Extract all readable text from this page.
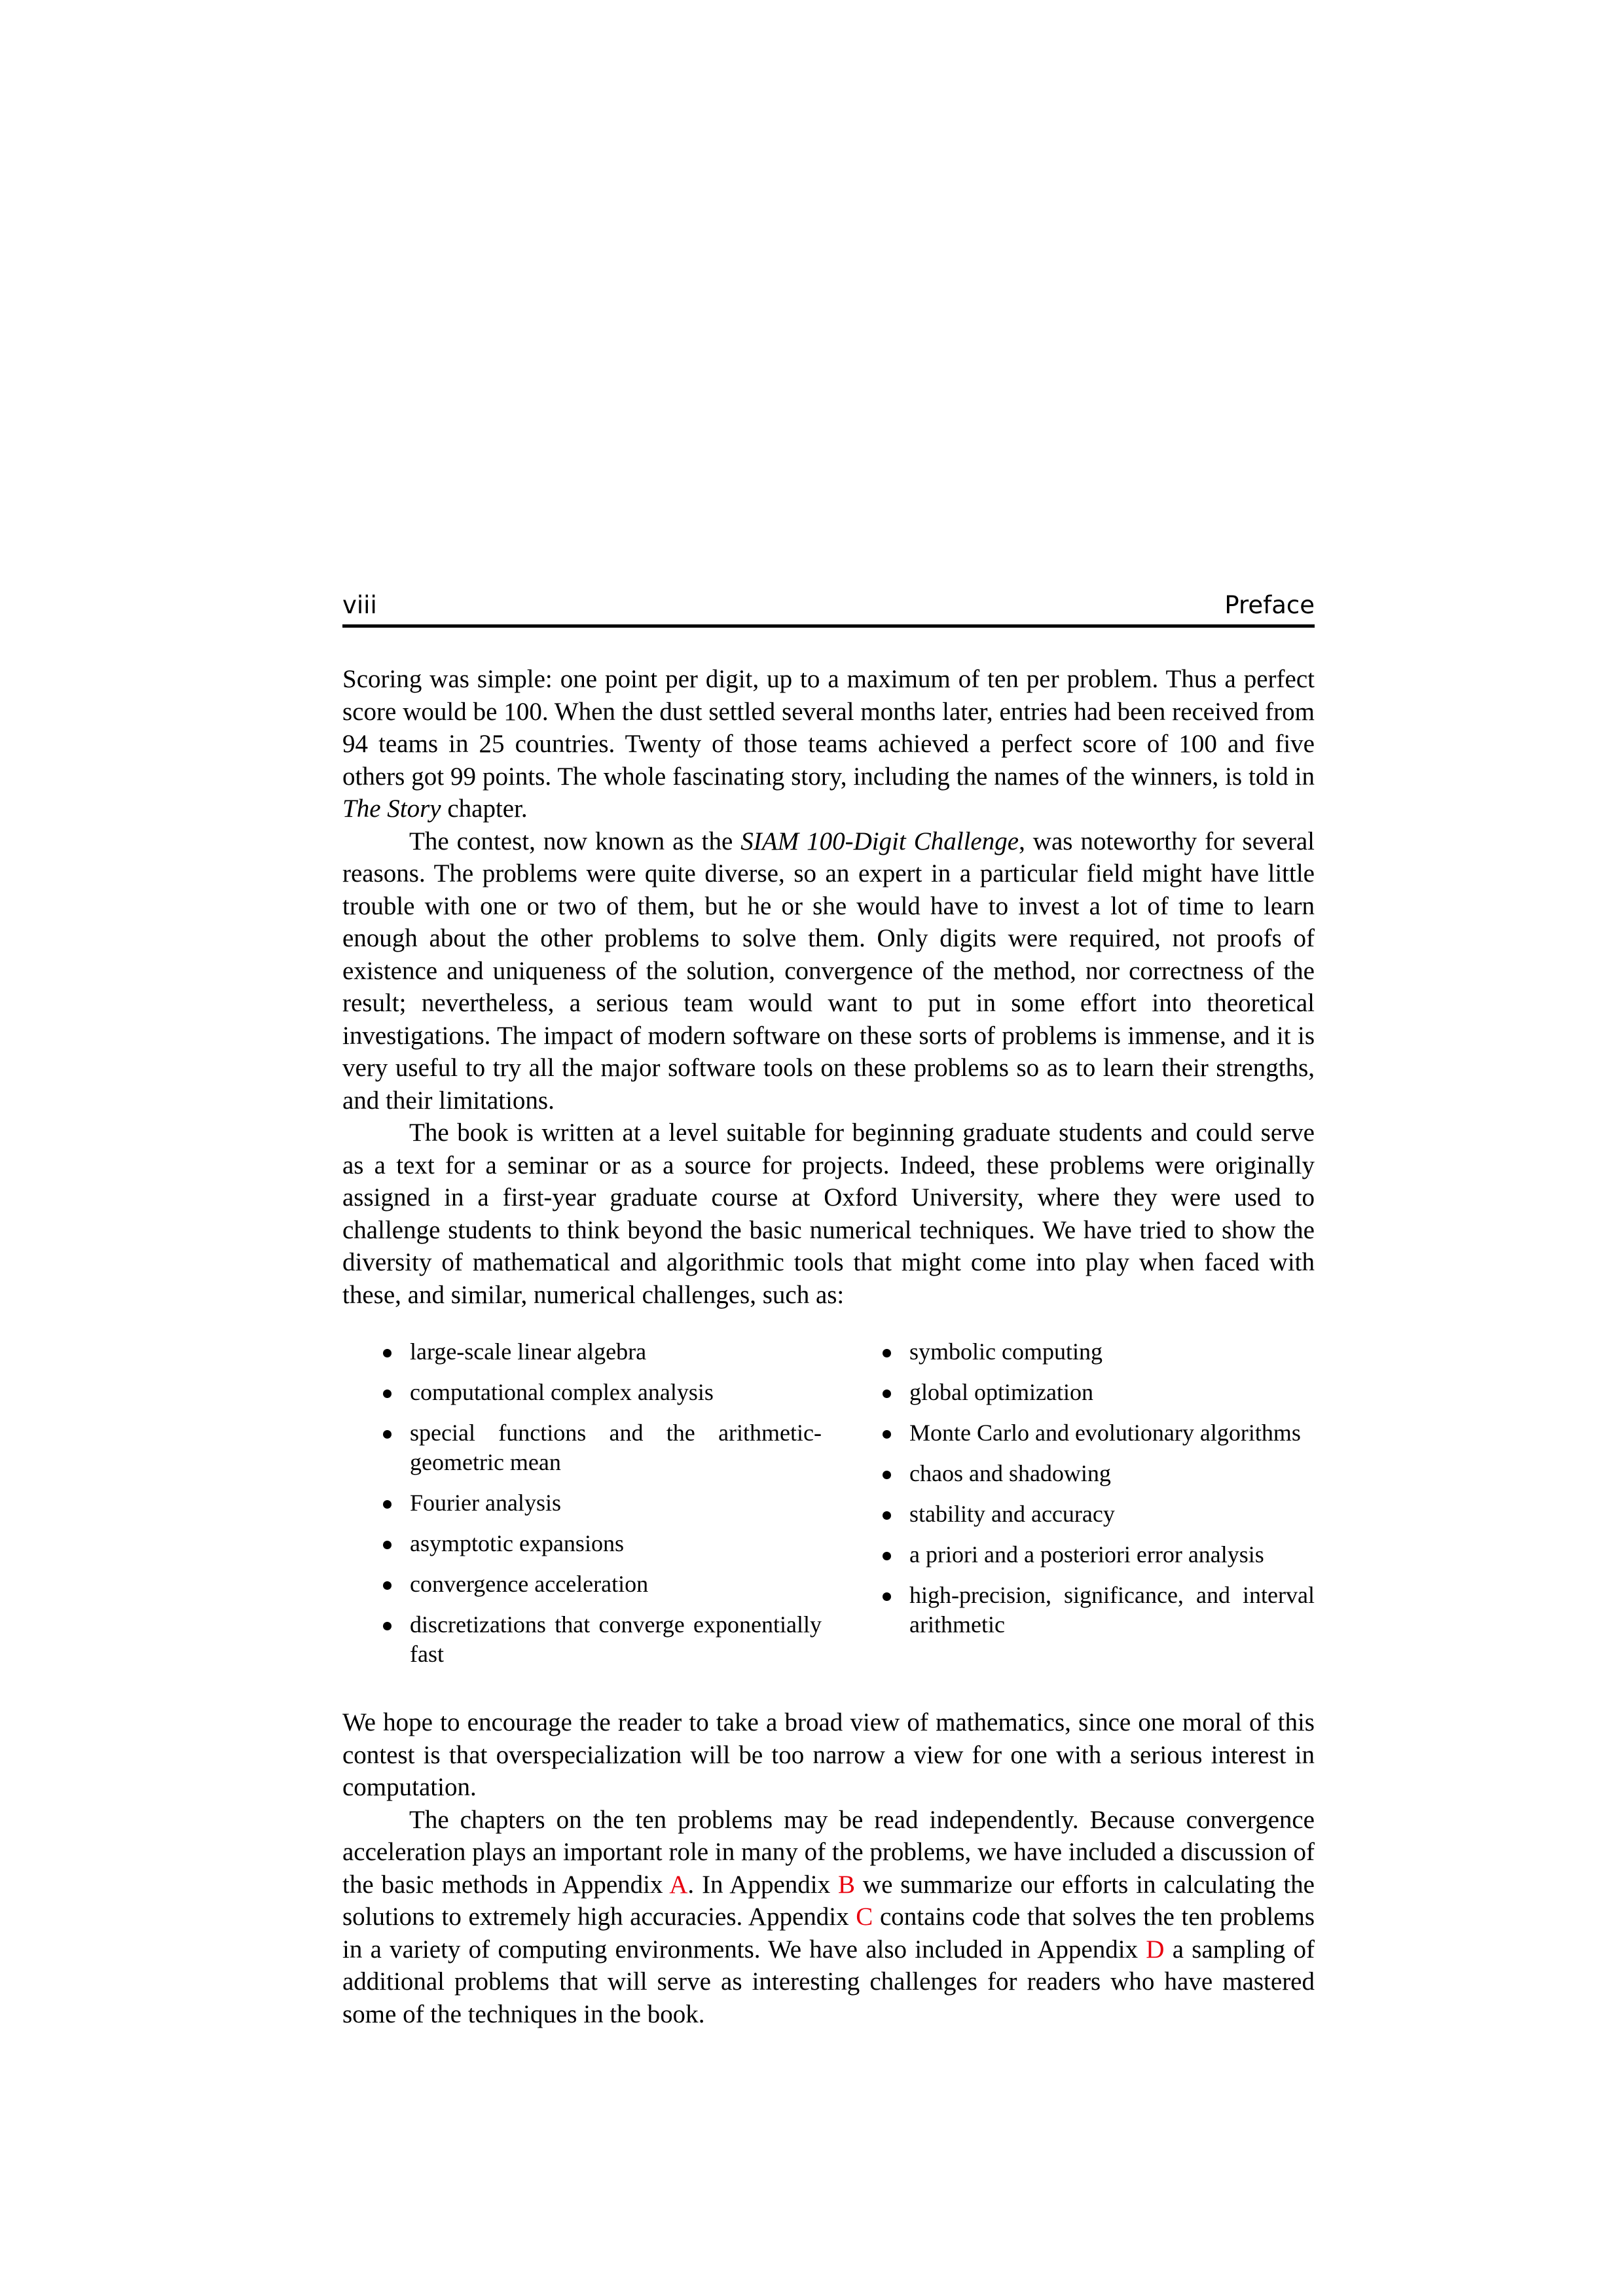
viii	Preface

Scoring was simple: one point per digit, up to a maximum of ten per problem. Thus a perfect score would be 100. When the dust settled several months later, entries had been received from 94 teams in 25 countries. Twenty of those teams achieved a perfect score of 100 and five others got 99 points. The whole fascinating story, including the names of the winners, is told in The Story chapter.

The contest, now known as the SIAM 100-Digit Challenge, was noteworthy for several reasons. The problems were quite diverse, so an expert in a particular field might have little trouble with one or two of them, but he or she would have to invest a lot of time to learn enough about the other problems to solve them. Only digits were required, not proofs of existence and uniqueness of the solution, convergence of the method, nor correctness of the result; nevertheless, a serious team would want to put in some effort into theoretical investigations. The impact of modern software on these sorts of problems is immense, and it is very useful to try all the major software tools on these problems so as to learn their strengths, and their limitations.

The book is written at a level suitable for beginning graduate students and could serve as a text for a seminar or as a source for projects. Indeed, these problems were originally assigned in a first-year graduate course at Oxford University, where they were used to challenge students to think beyond the basic numerical techniques. We have tried to show the diversity of mathematical and algorithmic tools that might come into play when faced with these, and similar, numerical challenges, such as:

large-scale linear algebra
computational complex analysis
special functions and the arithmetic-geometric mean
Fourier analysis
asymptotic expansions
convergence acceleration
discretizations that converge exponentially fast
symbolic computing
global optimization
Monte Carlo and evolutionary algorithms
chaos and shadowing
stability and accuracy
a priori and a posteriori error analysis
high-precision, significance, and interval arithmetic

We hope to encourage the reader to take a broad view of mathematics, since one moral of this contest is that overspecialization will be too narrow a view for one with a serious interest in computation.

The chapters on the ten problems may be read independently. Because convergence acceleration plays an important role in many of the problems, we have included a discussion of the basic methods in Appendix A. In Appendix B we summarize our efforts in calculating the solutions to extremely high accuracies. Appendix C contains code that solves the ten problems in a variety of computing environments. We have also included in Appendix D a sampling of additional problems that will serve as interesting challenges for readers who have mastered some of the techniques in the book.
